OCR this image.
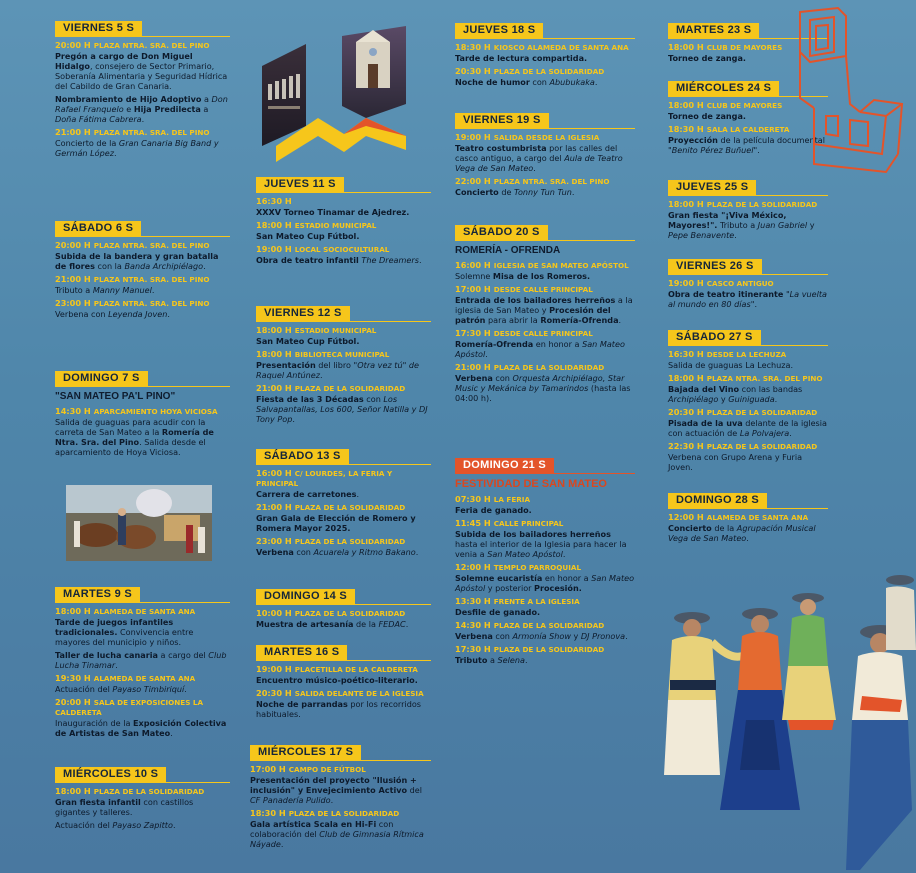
VIERNES 5 S
20:00 H PLAZA NTRA. SRA. DEL PINO
Pregón a cargo de Don Miguel Hidalgo, consejero de Sector Primario, Soberanía Alimentaria y Seguridad Hídrica del Cabildo de Gran Canaria.
Nombramiento de Hijo Adoptivo a Don Rafael Franquelo e Hija Predilecta a Doña Fátima Cabrera.
21:00 H PLAZA NTRA. SRA. DEL PINO
Concierto de la Gran Canaria Big Band y Germán López.
SÁBADO 6 S
20:00 H PLAZA NTRA. SRA. DEL PINO
Subida de la bandera y gran batalla de flores con la Banda Archipiélago.
21:00 H PLAZA NTRA. SRA. DEL PINO
Tributo a Manny Manuel.
23:00 H PLAZA NTRA. SRA. DEL PINO
Verbena con Leyenda Joven.
DOMINGO 7 S
"SAN MATEO PA'L PINO"
14:30 H APARCAMIENTO HOYA VICIOSA
Salida de guaguas para acudir con la carreta de San Mateo a la Romería de Ntra. Sra. del Pino. Salida desde el aparcamiento de Hoya Viciosa.
MARTES 9 S
18:00 H ALAMEDA DE SANTA ANA
Tarde de juegos infantiles tradicionales. Convivencia entre mayores del municipio y niños.
Taller de lucha canaria a cargo del Club Lucha Tinamar.
19:30 H ALAMEDA DE SANTA ANA
Actuación del Payaso Timbiriquí.
20:00 H SALA DE EXPOSICIONES LA CALDERETA
Inauguración de la Exposición Colectiva de Artistas de San Mateo.
MIÉRCOLES 10 S
18:00 H PLAZA DE LA SOLIDARIDAD
Gran fiesta infantil con castillos gigantes y talleres.
Actuación del Payaso Zapitto.
JUEVES 11 S
16:30 H
XXXV Torneo Tinamar de Ajedrez.
18:00 H ESTADIO MUNICIPAL
San Mateo Cup Fútbol.
19:00 H LOCAL SOCIOCULTURAL
Obra de teatro infantil The Dreamers.
VIERNES 12 S
18:00 H ESTADIO MUNICIPAL
San Mateo Cup Fútbol.
18:00 H BIBLIOTECA MUNICIPAL
Presentación del libro "Otra vez tú" de Raquel Antúnez.
21:00 H PLAZA DE LA SOLIDARIDAD
Fiesta de las 3 Décadas con Los Salvapantallas, Los 600, Señor Natilla y DJ Tony Pop.
SÁBADO 13 S
16:00 H C/ LOURDES, LA FERIA Y PRINCIPAL
Carrera de carretones.
21:00 H PLAZA DE LA SOLIDARIDAD
Gran Gala de Elección de Romero y Romera Mayor 2025.
23:00 H PLAZA DE LA SOLIDARIDAD
Verbena con Acuarela y Ritmo Bakano.
DOMINGO 14 S
10:00 H PLAZA DE LA SOLIDARIDAD
Muestra de artesanía de la FEDAC.
MARTES 16 S
19:00 H PLACETILLA DE LA CALDERETA
Encuentro músico-poético-literario.
20:30 H SALIDA DELANTE DE LA IGLESIA
Noche de parrandas por los recorridos habituales.
MIÉRCOLES 17 S
17:00 H CAMPO DE FÚTBOL
Presentación del proyecto "Ilusión + inclusión" y Envejecimiento Activo del CF Panadería Pulido.
18:30 H PLAZA DE LA SOLIDARIDAD
Gala artística Scala en Hi-Fi con colaboración del Club de Gimnasia Rítmica Náyade.
JUEVES 18 S
18:30 H KIOSCO ALAMEDA DE SANTA ANA
Tarde de lectura compartida.
20:30 H PLAZA DE LA SOLIDARIDAD
Noche de humor con Abubukaka.
VIERNES 19 S
19:00 H SALIDA DESDE LA IGLESIA
Teatro costumbrista por las calles del casco antiguo, a cargo del Aula de Teatro Vega de San Mateo.
22:00 H PLAZA NTRA. SRA. DEL PINO
Concierto de Tonny Tun Tun.
SÁBADO 20 S
ROMERÍA - OFRENDA
16:00 H IGLESIA DE SAN MATEO APÓSTOL
Solemne Misa de los Romeros.
17:00 H DESDE CALLE PRINCIPAL
Entrada de los bailadores herreños a la iglesia de San Mateo y Procesión del patrón para abrir la Romería-Ofrenda.
17:30 H DESDE CALLE PRINCIPAL
Romería-Ofrenda en honor a San Mateo Apóstol.
21:00 H PLAZA DE LA SOLIDARIDAD
Verbena con Orquesta Archipiélago, Star Music y Mekánica by Tamarindos (hasta las 04:00 h).
DOMINGO 21 S
FESTIVIDAD DE SAN MATEO
07:30 H LA FERIA
Feria de ganado.
11:45 H CALLE PRINCIPAL
Subida de los bailadores herreños hasta el interior de la Iglesia para hacer la venia a San Mateo Apóstol.
12:00 H TEMPLO PARROQUIAL
Solemne eucaristía en honor a San Mateo Apóstol y posterior Procesión.
13:30 H FRENTE A LA IGLESIA
Desfile de ganado.
14:30 H PLAZA DE LA SOLIDARIDAD
Verbena con Armonía Show y DJ Pronova.
17:30 H PLAZA DE LA SOLIDARIDAD
Tributo a Selena.
MARTES 23 S
18:00 H CLUB DE MAYORES
Torneo de zanga.
MIÉRCOLES 24 S
18:00 H CLUB DE MAYORES
Torneo de zanga.
18:30 H SALA LA CALDERETA
Proyección de la película documental "Benito Pérez Buñuel".
JUEVES 25 S
18:00 H PLAZA DE LA SOLIDARIDAD
Gran fiesta "¡Viva México, Mayores!". Tributo a Juan Gabriel y Pepe Benavente.
VIERNES 26 S
19:00 H CASCO ANTIGUO
Obra de teatro itinerante "La vuelta al mundo en 80 días".
SÁBADO 27 S
16:30 H DESDE LA LECHUZA
Salida de guaguas La Lechuza.
18:00 H PLAZA NTRA. SRA. DEL PINO
Bajada del Vino con las bandas Archipiélago y Guiniguada.
20:30 H PLAZA DE LA SOLIDARIDAD
Pisada de la uva delante de la iglesia con actuación de La Polvajera.
22:30 H PLAZA DE LA SOLIDARIDAD
Verbena con Grupo Arena y Furia Joven.
DOMINGO 28 S
12:00 H ALAMEDA DE SANTA ANA
Concierto de la Agrupación Musical Vega de San Mateo.
